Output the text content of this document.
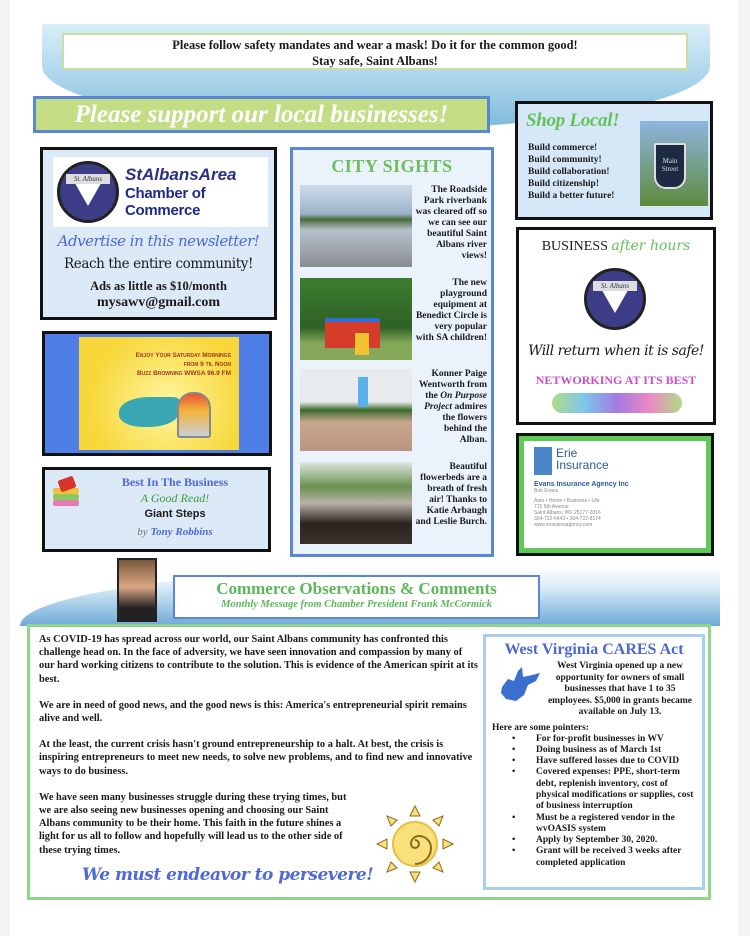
Please follow safety mandates and wear a mask! Do it for the common good!
Stay safe, Saint Albans!
Please support our local businesses!
St. Albans	StAlbansArea
Chamber of Commerce
Advertise in this newsletter!
Reach the entire community!
Ads as little as $10/month
mysawv@gmail.com
Enjoy Your Saturday Mornings
from 9 til Noon
Buzz Browning WWSA 96.9 FM
Best In The Business
A Good Read!
Giant Steps
by Tony Robbins
CITY SIGHTS
The Roadside Park riverbank was cleared off so we can see our beautiful Saint Albans river views!
The new playground equipment at Benedict Circle is very popular with SA children!
Konner Paige Wentworth from the On Purpose Project admires the flowers behind the Alban.
Beautiful flowerbeds are a breath of fresh air! Thanks to Katie Arbaugh and Leslie Burch.
Main Street
Shop Local!
Build commerce!
Build community!
Build collaboration!
Build citizenship!
Build a better future!
BUSINESS after hours
St. Albans
Will return when it is safe!
NETWORKING AT ITS BEST
Erie
Insurance
Evans Insurance Agency Inc
Bob Evans
Auto • Home • Business • Life
715 6th Avenue
Saint Albans, WV 25177-2816
304-722-6443 • 304-722-8174
www.evansinsagency.com
Commerce Observations & Comments
Monthly Message from Chamber President Frank McCormick

As COVID-19 has spread across our world, our Saint Albans community has confronted this challenge head on. In the face of adversity, we have seen innovation and compassion by many of our hard working citizens to contribute to the solution. This is evidence of the American spirit at its best.

We are in need of good news, and the good news is this: America's entrepreneurial spirit remains alive and well.

At the least, the current crisis hasn't ground entrepreneurship to a halt. At best, the crisis is inspiring entrepreneurs to meet new needs, to solve new problems, and to find new and innovative ways to do business.

We have seen many businesses struggle during these trying times, but we are also seeing new businesses opening and choosing our Saint Albans community to be their home. This faith in the future shines a light for us all to follow and hopefully will lead us to the other side of these trying times.

We must endeavor to persevere!
West Virginia CARES Act
West Virginia opened up a new opportunity for owners of small businesses that have 1 to 35 employees. $5,000 in grants became available on July 13.
Here are some pointers:
• For for-profit businesses in WV
• Doing business as of March 1st
• Have suffered losses due to COVID
• Covered expenses: PPE, short-term debt, replenish inventory, cost of physical modifications or supplies, cost of business interruption
• Must be a registered vendor in the wvOASIS system
• Apply by September 30, 2020.
• Grant will be received 3 weeks after completed application
